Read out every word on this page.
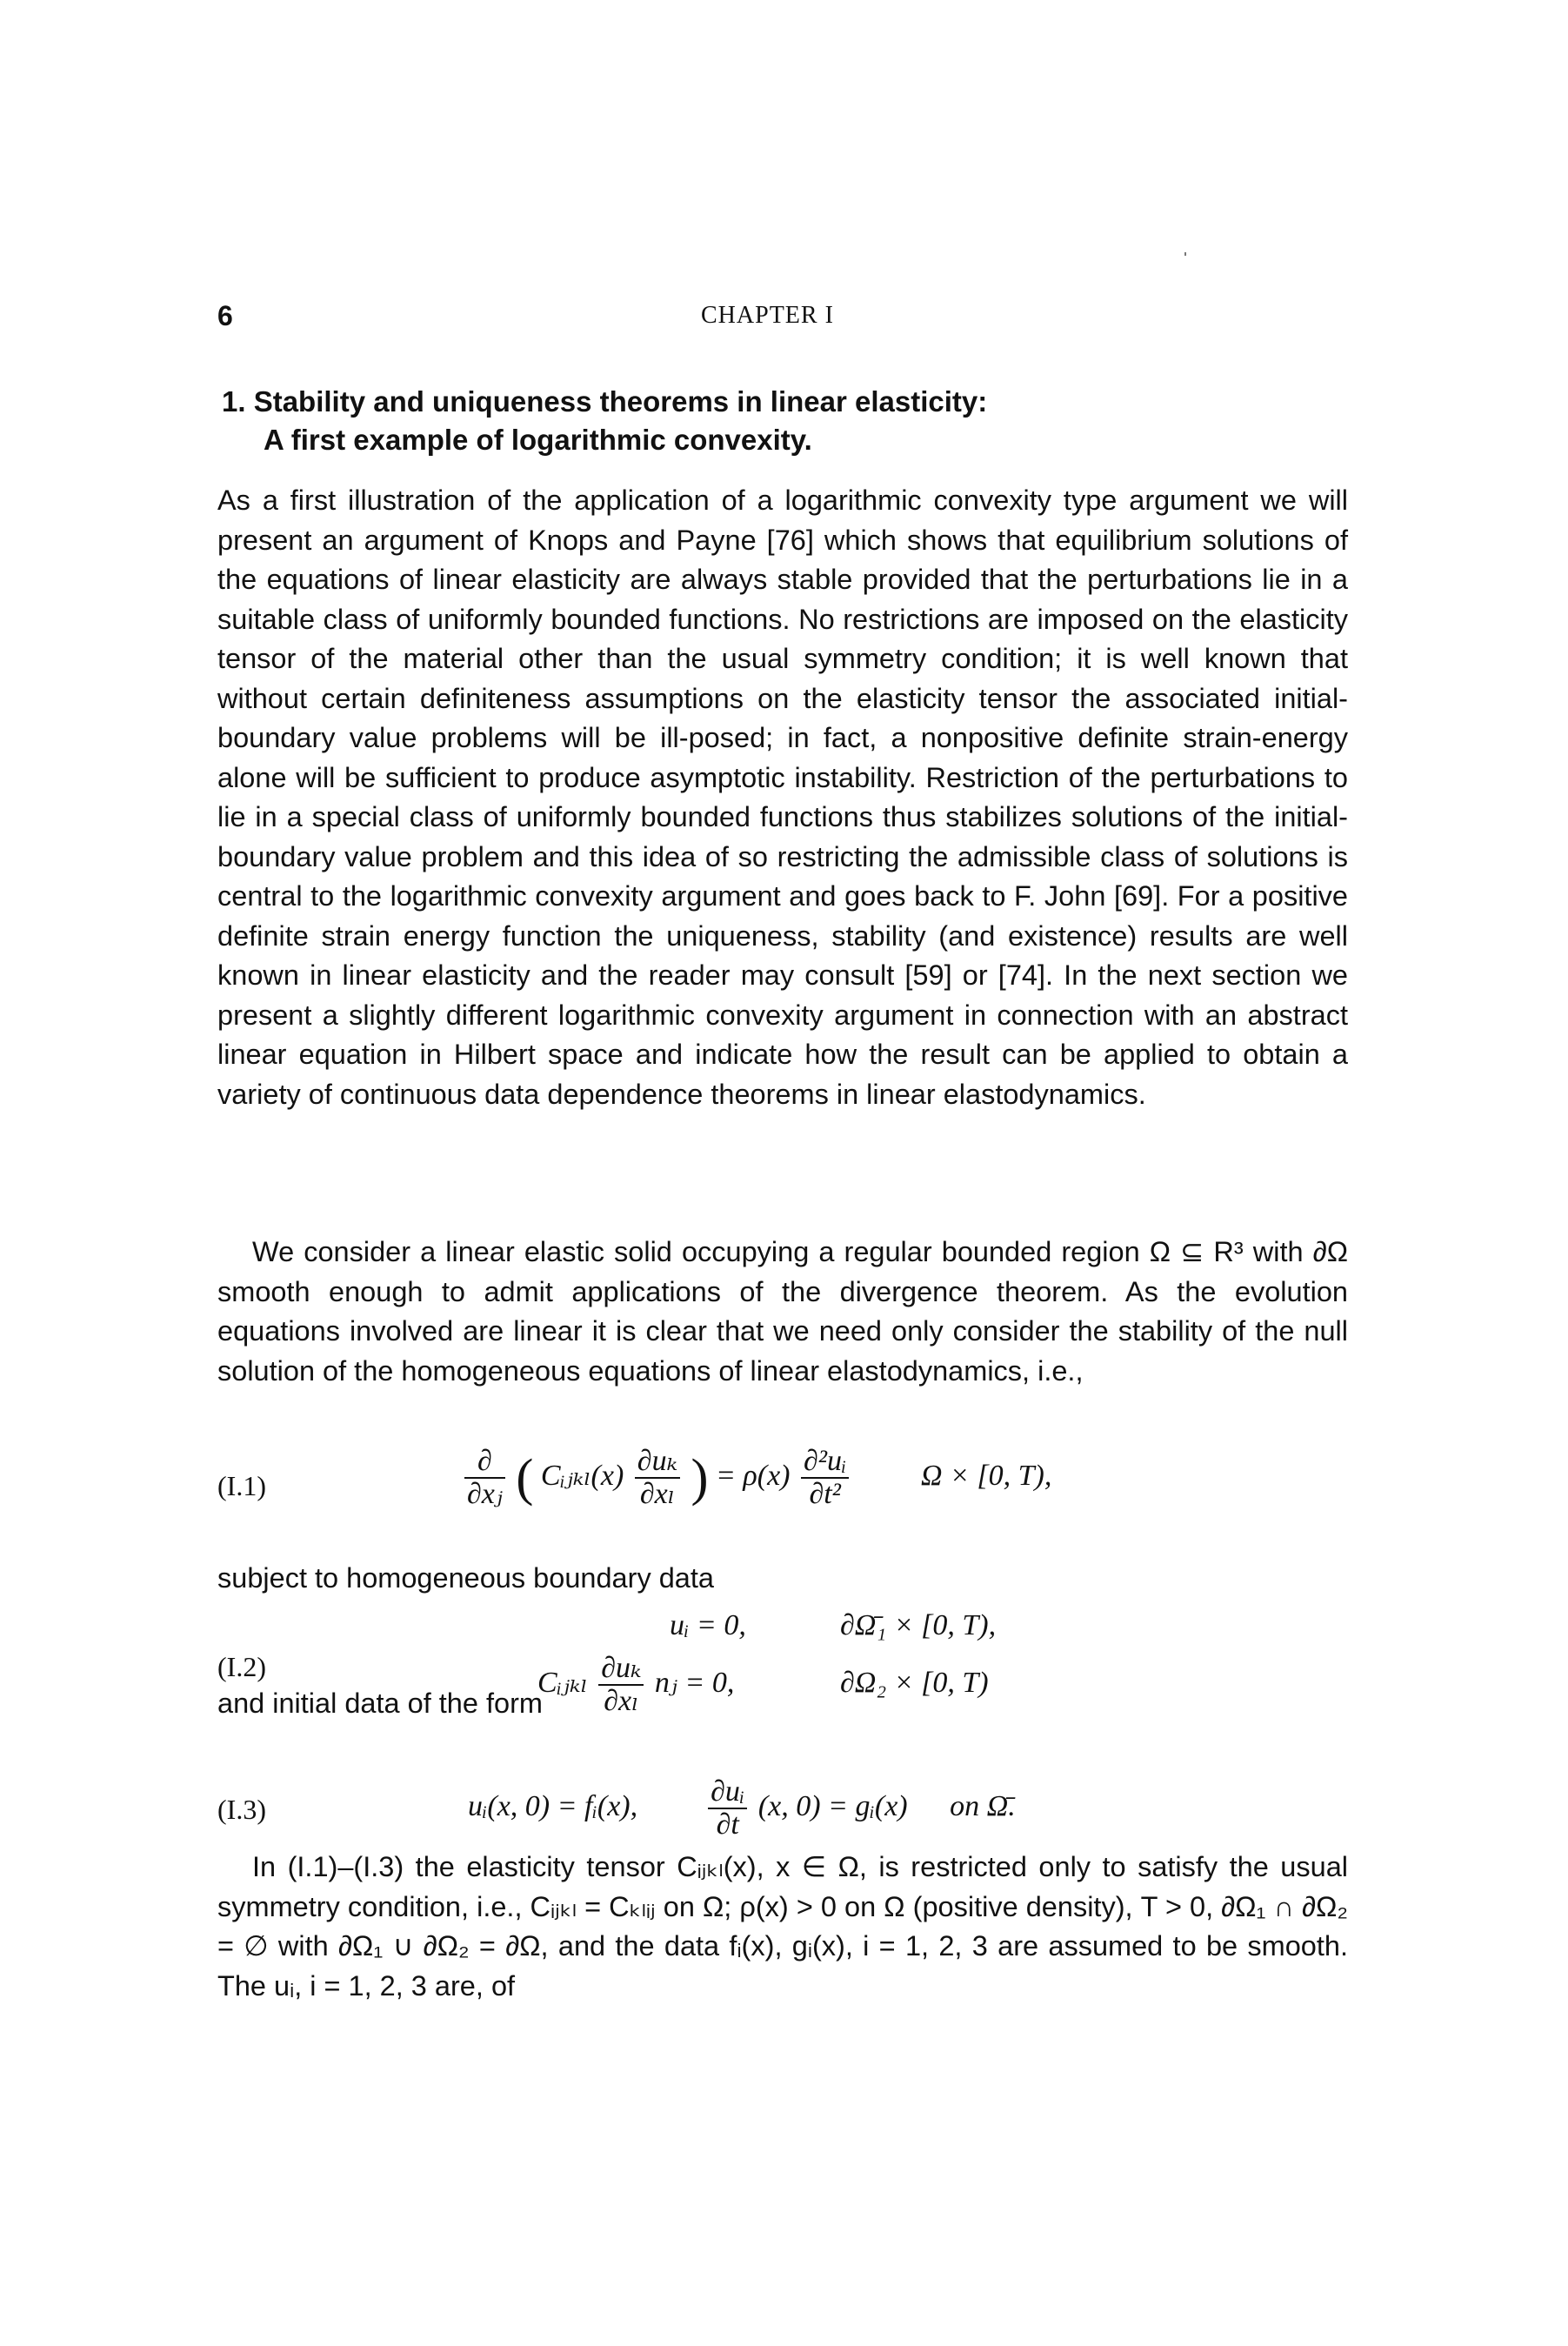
6	CHAPTER I
1. Stability and uniqueness theorems in linear elasticity:
A first example of logarithmic convexity.

As a first illustration of the application of a logarithmic convexity type argument we will present an argument of Knops and Payne [76] which shows that equilibrium solutions of the equations of linear elasticity are always stable provided that the perturbations lie in a suitable class of uniformly bounded functions. No restrictions are imposed on the elasticity tensor of the material other than the usual symmetry condition; it is well known that without certain definiteness assumptions on the elasticity tensor the associated initial-boundary value problems will be ill-posed; in fact, a nonpositive definite strain-energy alone will be sufficient to produce asymptotic instability. Restriction of the perturbations to lie in a special class of uniformly bounded functions thus stabilizes solutions of the initial-boundary value problem and this idea of so restricting the admissible class of solutions is central to the logarithmic convexity argument and goes back to F. John [69]. For a positive definite strain energy function the uniqueness, stability (and existence) results are well known in linear elasticity and the reader may consult [59] or [74]. In the next section we present a slightly different logarithmic convexity argument in connection with an abstract linear equation in Hilbert space and indicate how the result can be applied to obtain a variety of continuous data dependence theorems in linear elastodynamics.

We consider a linear elastic solid occupying a regular bounded region Ω ⊆ R³ with ∂Ω smooth enough to admit applications of the divergence theorem. As the evolution equations involved are linear it is clear that we need only consider the stability of the null solution of the homogeneous equations of linear elastodynamics, i.e.,

(I.1)	$\frac{\partial}{\text{∂xⱼ}}$ ( Cᵢⱼₖₗ(x) $\frac{\text{∂uₖ}}{\text{∂xₗ}}$ ) = $\rho(x) \frac{\text{∂²uᵢ}}{\text{∂t²}}$ Ω × [0, T),

subject to homogeneous boundary data

(I.2)
uᵢ = 0,	∂Ω̄₁ × [0, T),
Cᵢⱼₖₗ $\frac{\text{∂uₖ}}{\text{∂xₗ}}$ nⱼ = 0,	∂Ω₂ × [0, T)

and initial data of the form

(I.3)	uᵢ(x, 0) = fᵢ(x), $\frac{\text{∂uᵢ}}{\partial t} (x$, 0) = gᵢ(x) on Ω̄.

In (I.1)–(I.3) the elasticity tensor Cᵢⱼₖₗ(x), x ∈ Ω, is restricted only to satisfy the usual symmetry condition, i.e., Cᵢⱼₖₗ = Cₖₗᵢⱼ on Ω; ρ(x) > 0 on Ω (positive density), T > 0, ∂Ω₁ ∩ ∂Ω₂ = ∅ with ∂Ω₁ ∪ ∂Ω₂ = ∂Ω, and the data fᵢ(x), gᵢ(x), i = 1, 2, 3 are assumed to be smooth. The uᵢ, i = 1, 2, 3 are, of
